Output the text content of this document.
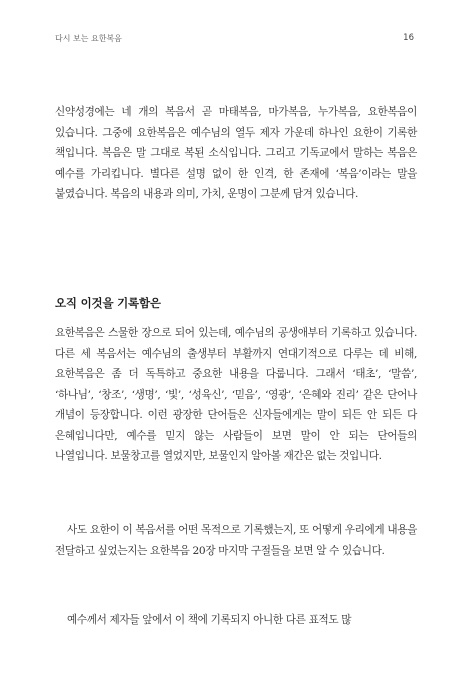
다시 보는 요한복음	16

신약성경에는 네 개의 복음서 곧 마태복음, 마가복음, 누가복음, 요한복음이 있습니다. 그중에 요한복음은 예수님의 열두 제자 가운데 하나인 요한이 기록한 책입니다. 복음은 말 그대로 복된 소식입니다. 그리고 기독교에서 말하는 복음은 예수를 가리킵니다. 별다른 설명 없이 한 인격, 한 존재에 ‘복음’이라는 말을 붙였습니다. 복음의 내용과 의미, 가치, 운명이 그분께 담겨 있습니다.

오직 이것을 기록함은

요한복음은 스물한 장으로 되어 있는데, 예수님의 공생애부터 기록하고 있습니다. 다른 세 복음서는 예수님의 출생부터 부활까지 연대기적으로 다루는 데 비해, 요한복음은 좀 더 독특하고 중요한 내용을 다룹니다. 그래서 ‘태초’, ‘말씀’, ‘하나님’, ‘창조’, ‘생명’, ‘빛’, ‘성육신’, ‘믿음’, ‘영광’, ‘은혜와 진리’ 같은 단어나 개념이 등장합니다. 이런 광장한 단어들은 신자들에게는 말이 되든 안 되든 다 은혜입니다만, 예수를 믿지 않는 사람들이 보면 말이 안 되는 단어들의 나열입니다. 보물창고를 열었지만, 보물인지 알아볼 재간은 없는 것입니다.

사도 요한이 이 복음서를 어떤 목적으로 기록했는지, 또 어떻게 우리에게 내용을 전달하고 싶었는지는 요한복음 20장 마지막 구절들을 보면 알 수 있습니다.

예수께서 제자들 앞에서 이 책에 기록되지 아니한 다른 표적도 많
